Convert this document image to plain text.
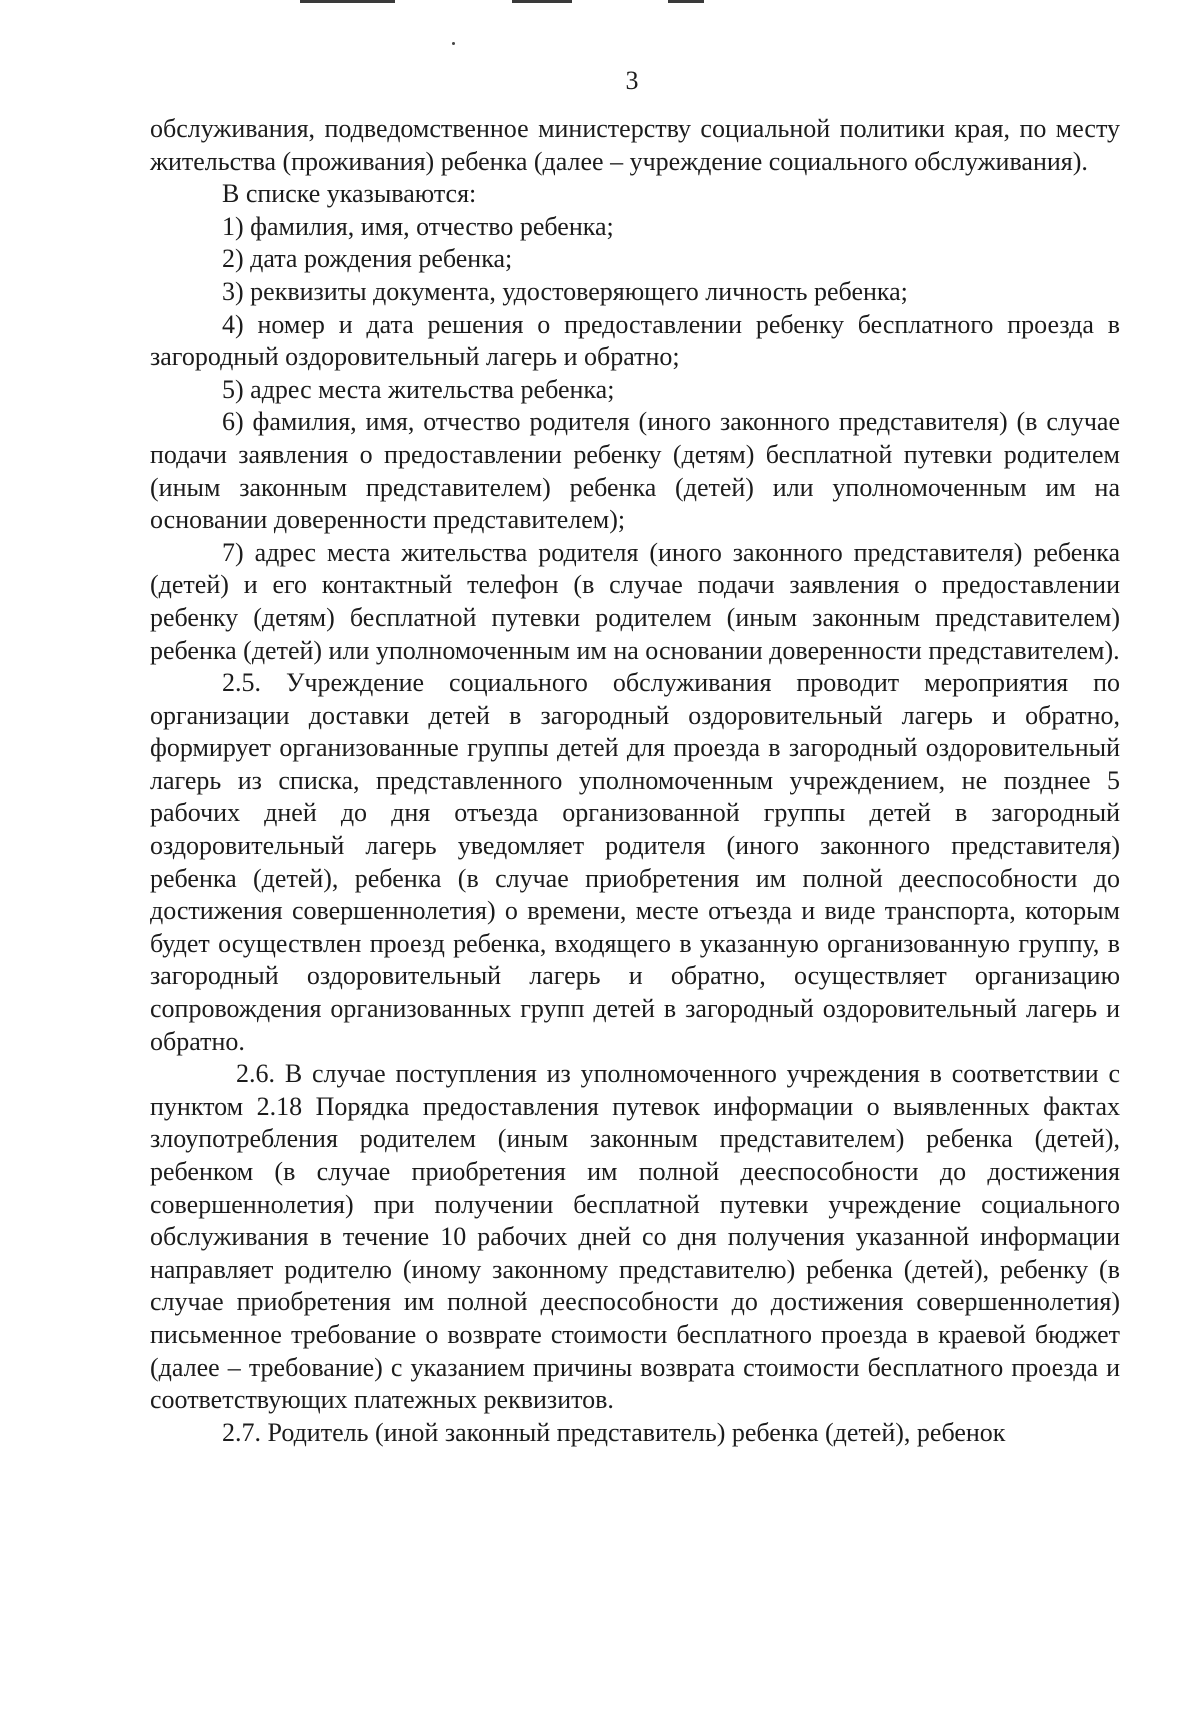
3

обслуживания, подведомственное министерству социальной политики края, по месту жительства (проживания) ребенка (далее – учреждение социального обслуживания).

В списке указываются:

1) фамилия, имя, отчество ребенка;

2) дата рождения ребенка;

3) реквизиты документа, удостоверяющего личность ребенка;

4) номер и дата решения о предоставлении ребенку бесплатного проезда в загородный оздоровительный лагерь и обратно;

5) адрес места жительства ребенка;

6) фамилия, имя, отчество родителя (иного законного представителя) (в случае подачи заявления о предоставлении ребенку (детям) бесплатной путевки родителем (иным законным представителем) ребенка (детей) или уполномоченным им на основании доверенности представителем);

7) адрес места жительства родителя (иного законного представителя) ребенка (детей) и его контактный телефон (в случае подачи заявления о предоставлении ребенку (детям) бесплатной путевки родителем (иным законным представителем) ребенка (детей) или уполномоченным им на основании доверенности представителем).

2.5. Учреждение социального обслуживания проводит мероприятия по организации доставки детей в загородный оздоровительный лагерь и обратно, формирует организованные группы детей для проезда в загородный оздоровительный лагерь из списка, представленного уполномоченным учреждением, не позднее 5 рабочих дней до дня отъезда организованной группы детей в загородный оздоровительный лагерь уведомляет родителя (иного законного представителя) ребенка (детей), ребенка (в случае приобретения им полной дееспособности до достижения совершеннолетия) о времени, месте отъезда и виде транспорта, которым будет осуществлен проезд ребенка, входящего в указанную организованную группу, в загородный оздоровительный лагерь и обратно, осуществляет организацию сопровождения организованных групп детей в загородный оздоровительный лагерь и обратно.

2.6. В случае поступления из уполномоченного учреждения в соответствии с пунктом 2.18 Порядка предоставления путевок информации о выявленных фактах злоупотребления родителем (иным законным представителем) ребенка (детей), ребенком (в случае приобретения им полной дееспособности до достижения совершеннолетия) при получении бесплатной путевки учреждение социального обслуживания в течение 10 рабочих дней со дня получения указанной информации направляет родителю (иному законному представителю) ребенка (детей), ребенку (в случае приобретения им полной дееспособности до достижения совершеннолетия) письменное требование о возврате стоимости бесплатного проезда в краевой бюджет (далее – требование) с указанием причины возврата стоимости бесплатного проезда и соответствующих платежных реквизитов.

2.7. Родитель (иной законный представитель) ребенка (детей), ребенок
